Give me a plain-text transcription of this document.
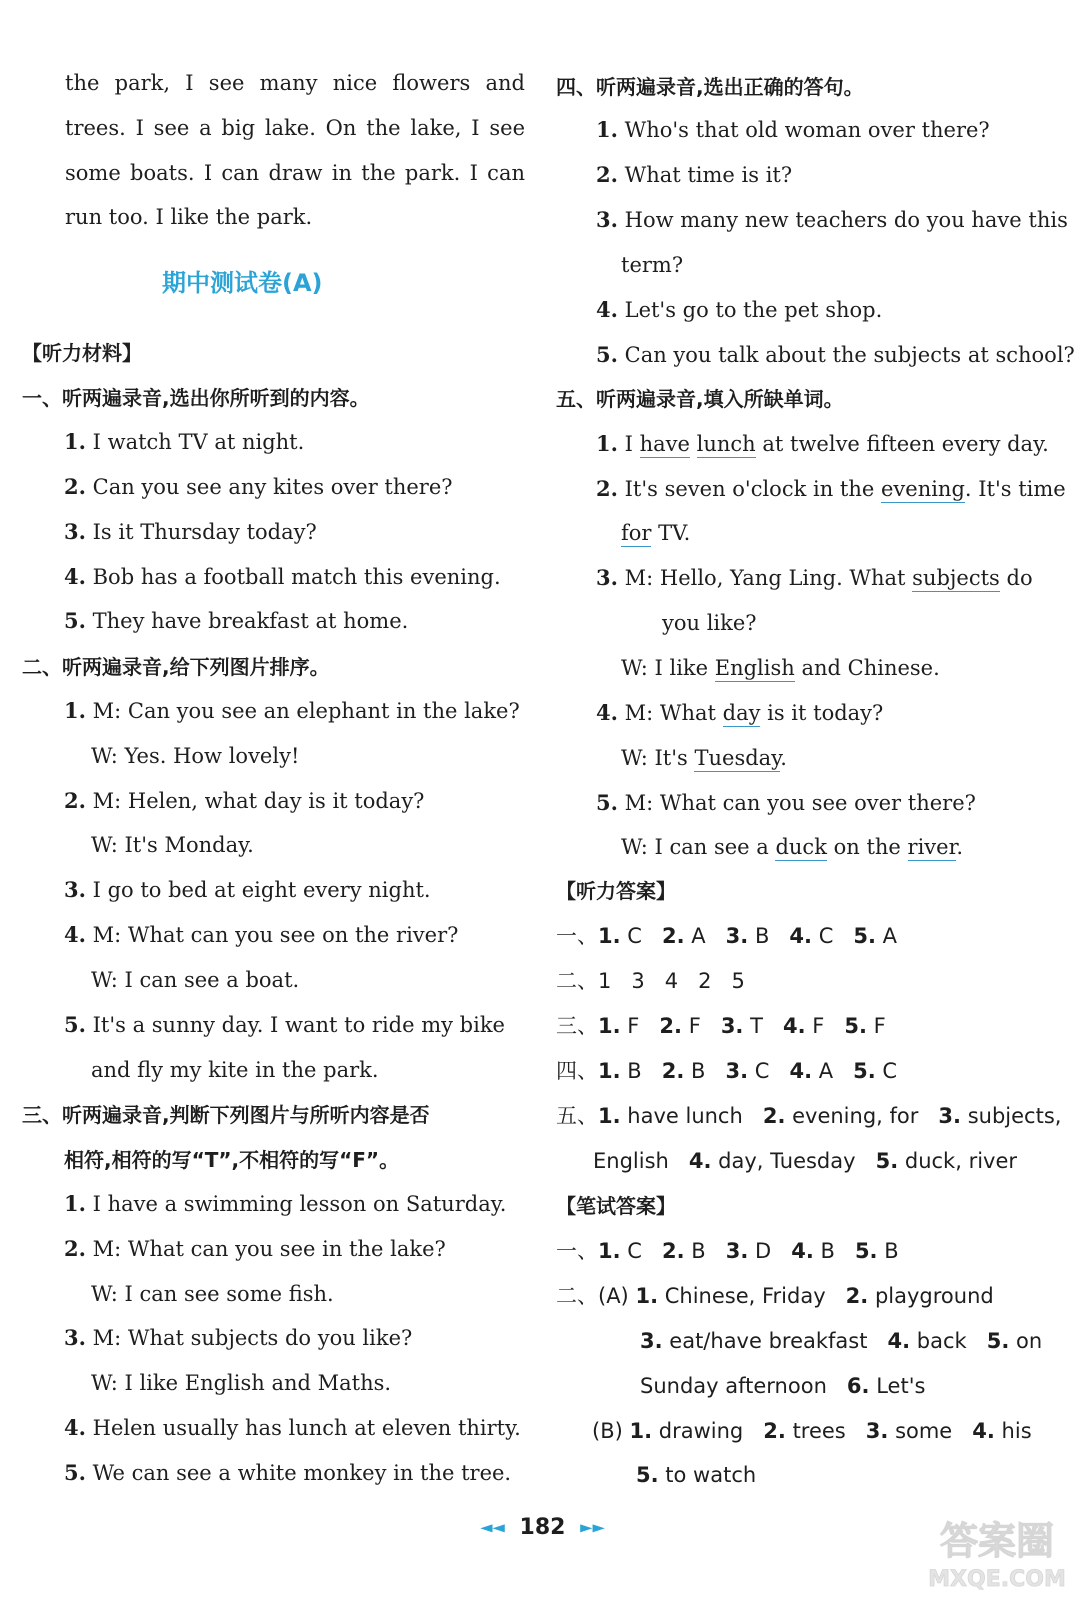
the park, I see many nice flowers and
trees. I see a big lake. On the lake, I see
some boats. I can draw in the park. I can
run too. I like the park.
期中测试卷(A)
【听力材料】
一、听两遍录音,选出你所听到的内容。
1. I watch TV at night.
2. Can you see any kites over there?
3. Is it Thursday today?
4. Bob has a football match this evening.
5. They have breakfast at home.
二、听两遍录音,给下列图片排序。
1. M: Can you see an elephant in the lake?
W: Yes. How lovely!
2. M: Helen, what day is it today?
W: It's Monday.
3. I go to bed at eight every night.
4. M: What can you see on the river?
W: I can see a boat.
5. It's a sunny day. I want to ride my bike
and fly my kite in the park.
三、听两遍录音,判断下列图片与所听内容是否
相符,相符的写“T”,不相符的写“F”。
1. I have a swimming lesson on Saturday.
2. M: What can you see in the lake?
W: I can see some fish.
3. M: What subjects do you like?
W: I like English and Maths.
4. Helen usually has lunch at eleven thirty.
5. We can see a white monkey in the tree.
四、听两遍录音,选出正确的答句。
1. Who's that old woman over there?
2. What time is it?
3. How many new teachers do you have this
term?
4. Let's go to the pet shop.
5. Can you talk about the subjects at school?
五、听两遍录音,填入所缺单词。
1. I have lunch at twelve fifteen every day.
2. It's seven o'clock in the evening. It's time
for TV.
3. M: Hello, Yang Ling. What subjects do
you like?
W: I like English and Chinese.
4. M: What day is it today?
W: It's Tuesday.
5. M: What can you see over there?
W: I can see a duck on the river.
【听力答案】
一、1. C 2. A 3. B 4. C 5. A
二、1   3   4   2   5
三、1. F 2. F 3. T 4. F 5. F
四、1. B 2. B 3. C 4. A 5. C
五、1. have lunch 2. evening, for 3. subjects,
English 4. day, Tuesday 5. duck, river
【笔试答案】
一、1. C 2. B 3. D 4. B 5. B
二、(A) 1. Chinese, Friday 2. playground
3. eat/have breakfast 4. back 5. on
Sunday afternoon 6. Let's
(B) 1. drawing 2. trees 3. some 4. his
5. to watch
◄◄ 182 ►►	答案圈
MXQE.COM
